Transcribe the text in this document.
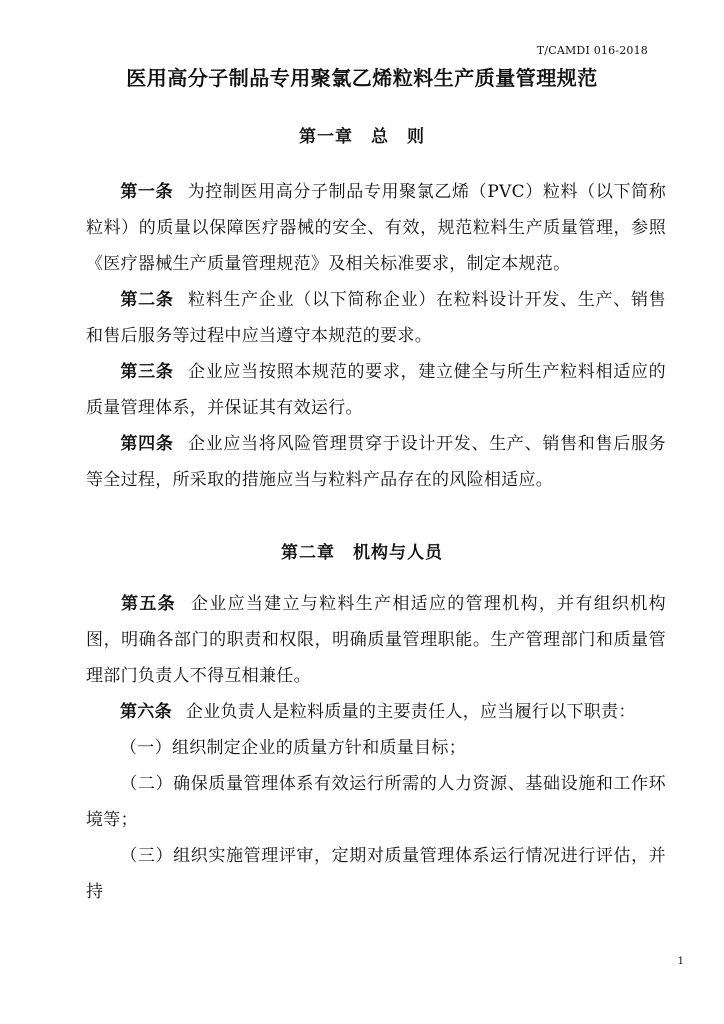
T/CAMDI 016-2018
医用高分子制品专用聚氯乙烯粒料生产质量管理规范
第一章　总　则
第一条 为控制医用高分子制品专用聚氯乙烯（PVC）粒料（以下简称粒料）的质量以保障医疗器械的安全、有效，规范粒料生产质量管理，参照《医疗器械生产质量管理规范》及相关标准要求，制定本规范。
第二条 粒料生产企业（以下简称企业）在粒料设计开发、生产、销售和售后服务等过程中应当遵守本规范的要求。
第三条 企业应当按照本规范的要求，建立健全与所生产粒料相适应的质量管理体系，并保证其有效运行。
第四条 企业应当将风险管理贯穿于设计开发、生产、销售和售后服务等全过程，所采取的措施应当与粒料产品存在的风险相适应。
第二章　机构与人员
第五条 企业应当建立与粒料生产相适应的管理机构，并有组织机构图，明确各部门的职责和权限，明确质量管理职能。生产管理部门和质量管理部门负责人不得互相兼任。
第六条 企业负责人是粒料质量的主要责任人，应当履行以下职责：
（一）组织制定企业的质量方针和质量目标；
（二）确保质量管理体系有效运行所需的人力资源、基础设施和工作环境等；
（三）组织实施管理评审，定期对质量管理体系运行情况进行评估，并持
1
